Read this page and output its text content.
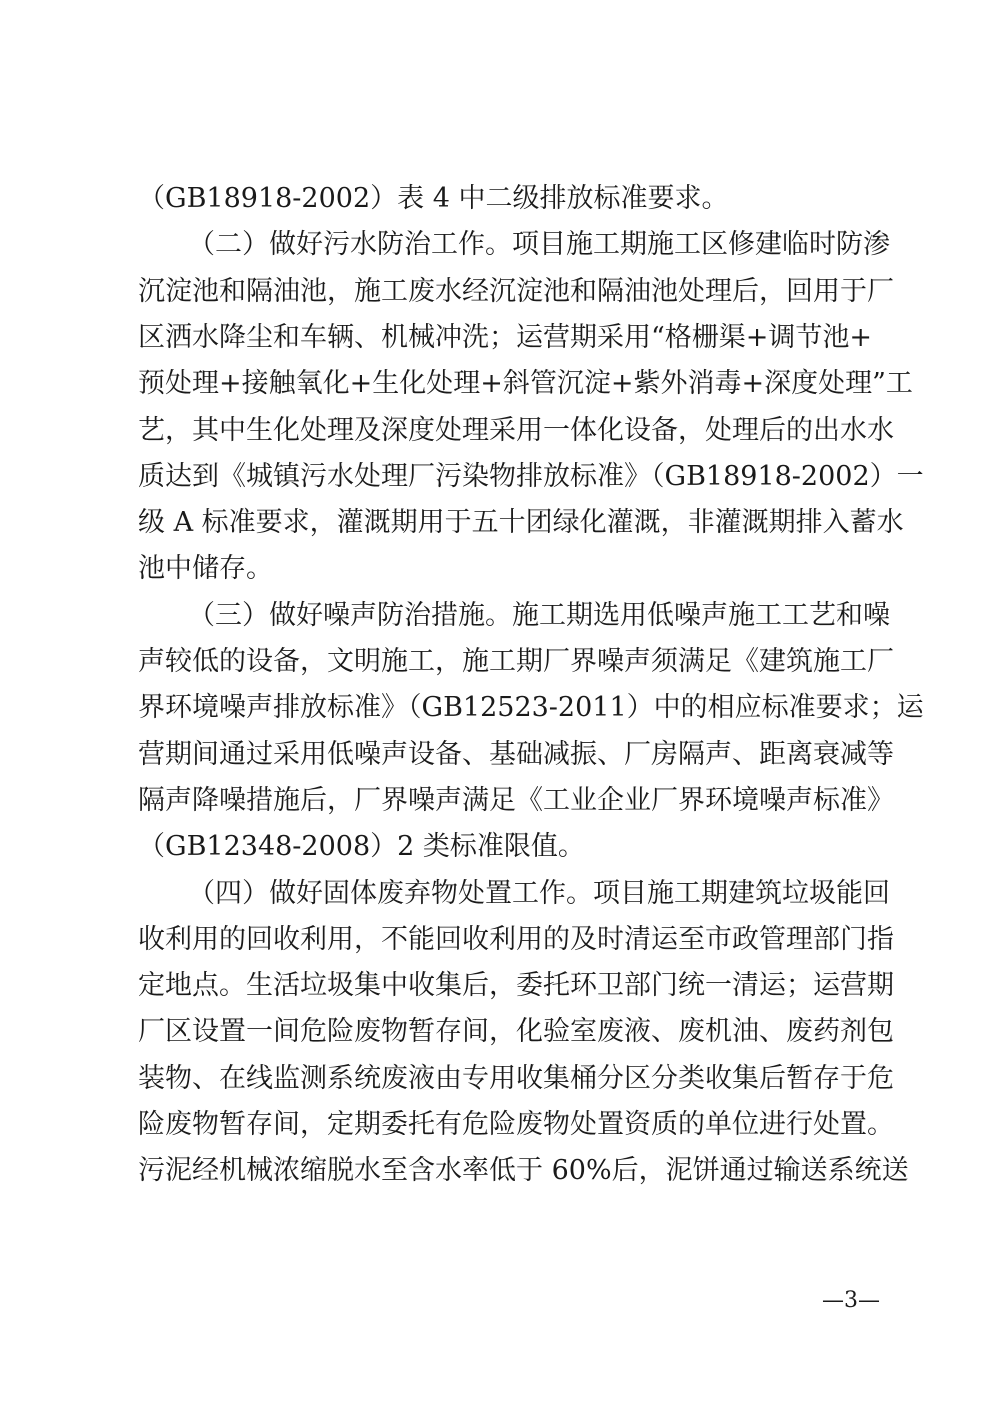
（GB18918-2002）表 4 中二级排放标准要求。
（二）做好污水防治工作。项目施工期施工区修建临时防渗
沉淀池和隔油池，施工废水经沉淀池和隔油池处理后，回用于厂
区洒水降尘和车辆、机械冲洗；运营期采用“格栅渠+调节池+
预处理+接触氧化+生化处理+斜管沉淀+紫外消毒+深度处理”工
艺，其中生化处理及深度处理采用一体化设备，处理后的出水水
质达到《城镇污水处理厂污染物排放标准》（GB18918-2002）一
级 A 标准要求，灌溉期用于五十团绿化灌溉，非灌溉期排入蓄水
池中储存。
（三）做好噪声防治措施。施工期选用低噪声施工工艺和噪
声较低的设备，文明施工，施工期厂界噪声须满足《建筑施工厂
界环境噪声排放标准》（GB12523-2011）中的相应标准要求；运
营期间通过采用低噪声设备、基础减振、厂房隔声、距离衰减等
隔声降噪措施后，厂界噪声满足《工业企业厂界环境噪声标准》
（GB12348-2008）2 类标准限值。
（四）做好固体废弃物处置工作。项目施工期建筑垃圾能回
收利用的回收利用，不能回收利用的及时清运至市政管理部门指
定地点。生活垃圾集中收集后，委托环卫部门统一清运；运营期
厂区设置一间危险废物暂存间，化验室废液、废机油、废药剂包
装物、在线监测系统废液由专用收集桶分区分类收集后暂存于危
险废物暂存间，定期委托有危险废物处置资质的单位进行处置。
污泥经机械浓缩脱水至含水率低于 60%后，泥饼通过输送系统送
—3—
